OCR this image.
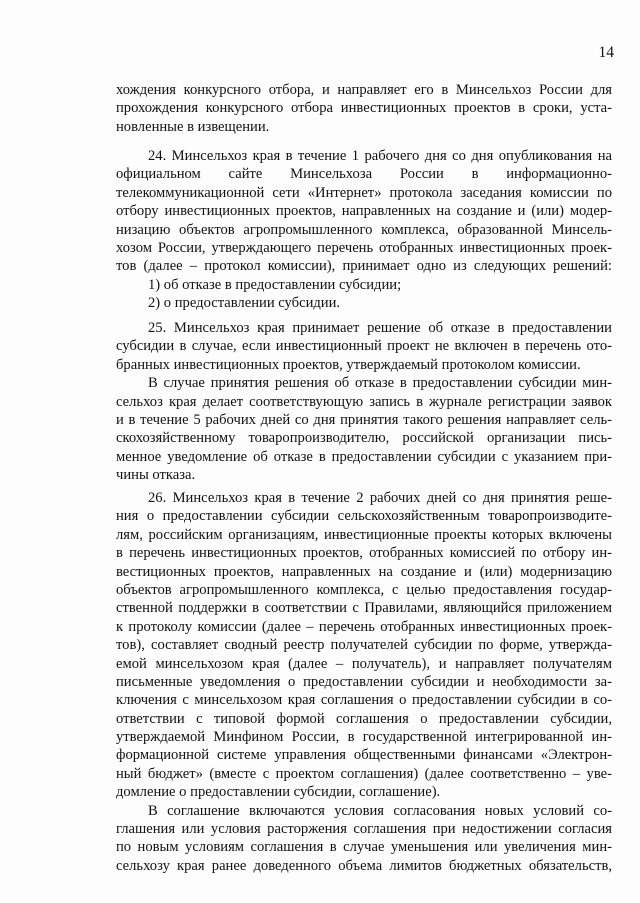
14
хождения конкурсного отбора, и направляет его в Минсельхоз России для
прохождения конкурсного отбора инвестиционных проектов в сроки, уста-
новленные в извещении.
24. Минсельхоз края в течение 1 рабочего дня со дня опубликования на
официальном сайте Минсельхоза России в информационно-
телекоммуникационной сети «Интернет» протокола заседания комиссии по
отбору инвестиционных проектов, направленных на создание и (или) модер-
низацию объектов агропромышленного комплекса, образованной Минсель-
хозом России, утверждающего перечень отобранных инвестиционных проек-
тов (далее – протокол комиссии), принимает одно из следующих решений:
1) об отказе в предоставлении субсидии;
2) о предоставлении субсидии.
25. Минсельхоз края принимает решение об отказе в предоставлении
субсидии в случае, если инвестиционный проект не включен в перечень ото-
бранных инвестиционных проектов, утверждаемый протоколом комиссии.
В случае принятия решения об отказе в предоставлении субсидии мин-
сельхоз края делает соответствующую запись в журнале регистрации заявок
и в течение 5 рабочих дней со дня принятия такого решения направляет сель-
скохозяйственному товаропроизводителю, российской организации пись-
менное уведомление об отказе в предоставлении субсидии с указанием при-
чины отказа.
26. Минсельхоз края в течение 2 рабочих дней со дня принятия реше-
ния о предоставлении субсидии сельскохозяйственным товаропроизводите-
лям, российским организациям, инвестиционные проекты которых включены
в перечень инвестиционных проектов, отобранных комиссией по отбору ин-
вестиционных проектов, направленных на создание и (или) модернизацию
объектов агропромышленного комплекса, с целью предоставления государ-
ственной поддержки в соответствии с Правилами, являющийся приложением
к протоколу комиссии (далее – перечень отобранных инвестиционных проек-
тов), составляет сводный реестр получателей субсидии по форме, утвержда-
емой минсельхозом края (далее – получатель), и направляет получателям
письменные уведомления о предоставлении субсидии и необходимости за-
ключения с минсельхозом края соглашения о предоставлении субсидии в со-
ответствии с типовой формой соглашения о предоставлении субсидии,
утверждаемой Минфином России, в государственной интегрированной ин-
формационной системе управления общественными финансами «Электрон-
ный бюджет» (вместе с проектом соглашения) (далее соответственно – уве-
домление о предоставлении субсидии, соглашение).
В соглашение включаются условия согласования новых условий со-
глашения или условия расторжения соглашения при недостижении согласия
по новым условиям соглашения в случае уменьшения или увеличения мин-
сельхозу края ранее доведенного объема лимитов бюджетных обязательств,
